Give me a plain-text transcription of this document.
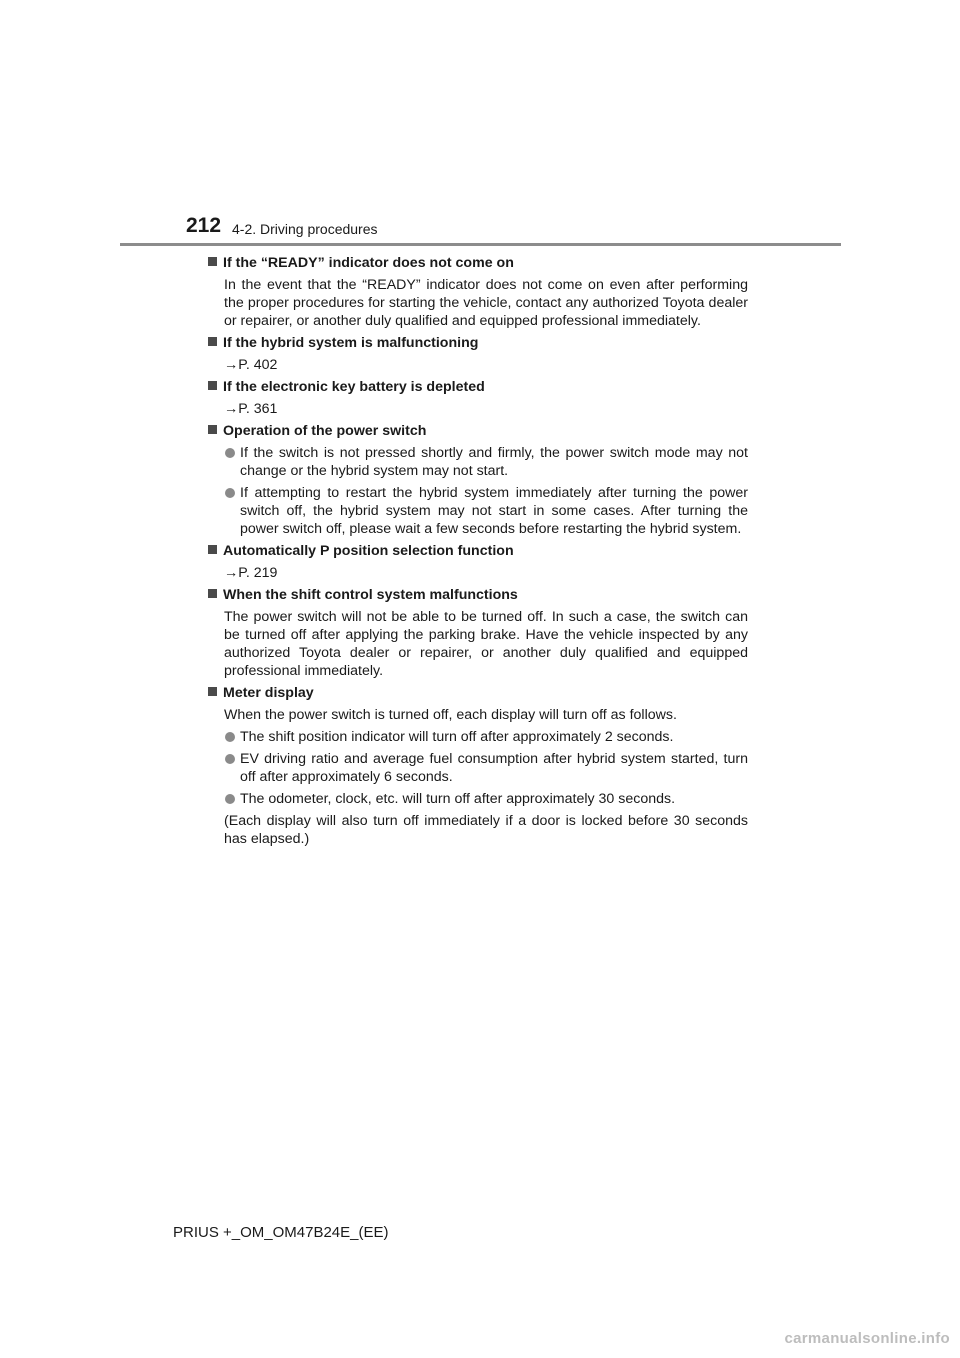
212 4-2. Driving procedures
If the “READY” indicator does not come on
In the event that the “READY” indicator does not come on even after performing the proper procedures for starting the vehicle, contact any authorized Toyota dealer or repairer, or another duly qualified and equipped professional immediately.
If the hybrid system is malfunctioning
→P. 402
If the electronic key battery is depleted
→P. 361
Operation of the power switch
If the switch is not pressed shortly and firmly, the power switch mode may not change or the hybrid system may not start.
If attempting to restart the hybrid system immediately after turning the power switch off, the hybrid system may not start in some cases. After turning the power switch off, please wait a few seconds before restarting the hybrid system.
Automatically P position selection function
→P. 219
When the shift control system malfunctions
The power switch will not be able to be turned off. In such a case, the switch can be turned off after applying the parking brake. Have the vehicle inspected by any authorized Toyota dealer or repairer, or another duly qualified and equipped professional immediately.
Meter display
When the power switch is turned off, each display will turn off as follows.
The shift position indicator will turn off after approximately 2 seconds.
EV driving ratio and average fuel consumption after hybrid system started, turn off after approximately 6 seconds.
The odometer, clock, etc. will turn off after approximately 30 seconds.
(Each display will also turn off immediately if a door is locked before 30 seconds has elapsed.)
PRIUS +_OM_OM47B24E_(EE)
carmanualsonline.info
